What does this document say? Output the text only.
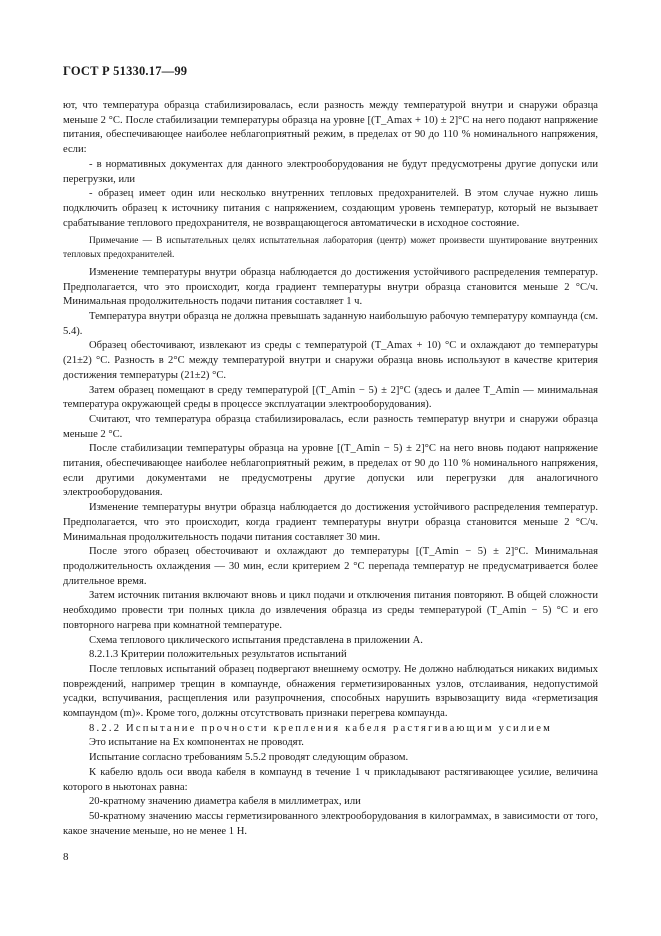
ГОСТ Р 51330.17—99

ют, что температура образца стабилизировалась, если разность между температурой внутри и снаружи образца меньше 2 °С. После стабилизации температуры образца на уровне [(T_Amax + 10) ± 2]°С на него подают напряжение питания, обеспечивающее наиболее неблагоприятный режим, в пределах от 90 до 110 % номинального напряжения, если:

- в нормативных документах для данного электрооборудования не будут предусмотрены другие допуски или перегрузки, или

- образец имеет один или несколько внутренних тепловых предохранителей. В этом случае нужно лишь подключить образец к источнику питания с напряжением, создающим уровень температур, который не вызывает срабатывание теплового предохранителя, не возвращающегося автоматически в исходное состояние.

Примечание — В испытательных целях испытательная лаборатория (центр) может произвести шунтирование внутренних тепловых предохранителей.

Изменение температуры внутри образца наблюдается до достижения устойчивого распределения температур. Предполагается, что это происходит, когда градиент температуры внутри образца становится меньше 2 °С/ч. Минимальная продолжительность подачи питания составляет 1 ч.

Температура внутри образца не должна превышать заданную наибольшую рабочую температуру компаунда (см. 5.4).

Образец обесточивают, извлекают из среды с температурой (T_Amax + 10) °С и охлаждают до температуры (21±2) °С. Разность в 2°С между температурой внутри и снаружи образца вновь используют в качестве критерия достижения температуры (21±2) °С.

Затем образец помещают в среду температурой [(T_Amin − 5) ± 2]°С (здесь и далее T_Amin — минимальная температура окружающей среды в процессе эксплуатации электрооборудования).

Считают, что температура образца стабилизировалась, если разность температур внутри и снаружи образца меньше 2 °С.

После стабилизации температуры образца на уровне [(T_Amin − 5) ± 2]°С на него вновь подают напряжение питания, обеспечивающее наиболее неблагоприятный режим, в пределах от 90 до 110 % номинального напряжения, если другими документами не предусмотрены другие допуски или перегрузки для аналогичного электрооборудования.

Изменение температуры внутри образца наблюдается до достижения устойчивого распределения температур. Предполагается, что это происходит, когда градиент температуры внутри образца становится меньше 2 °С/ч. Минимальная продолжительность подачи питания составляет 30 мин.

После этого образец обесточивают и охлаждают до температуры [(T_Amin − 5) ± 2]°С. Минимальная продолжительность охлаждения — 30 мин, если критерием 2 °С перепада температур не предусматривается более длительное время.

Затем источник питания включают вновь и цикл подачи и отключения питания повторяют. В общей сложности необходимо провести три полных цикла до извлечения образца из среды температурой (T_Amin − 5) °С и его повторного нагрева при комнатной температуре.

Схема теплового циклического испытания представлена в приложении А.

8.2.1.3 Критерии положительных результатов испытаний

После тепловых испытаний образец подвергают внешнему осмотру. Не должно наблюдаться никаких видимых повреждений, например трещин в компаунде, обнажения герметизированных узлов, отслаивания, недопустимой усадки, вспучивания, расщепления или разупрочнения, способных нарушить взрывозащиту вида «герметизация компаундом (m)». Кроме того, должны отсутствовать признаки перегрева компаунда.

8.2.2 Испытание прочности крепления кабеля растягивающим усилием

Это испытание на Ех компонентах не проводят.

Испытание согласно требованиям 5.5.2 проводят следующим образом.

К кабелю вдоль оси ввода кабеля в компаунд в течение 1 ч прикладывают растягивающее усилие, величина которого в ньютонах равна:

20-кратному значению диаметра кабеля в миллиметрах, или

50-кратному значению массы герметизированного электрооборудования в килограммах, в зависимости от того, какое значение меньше, но не менее 1 Н.

8
